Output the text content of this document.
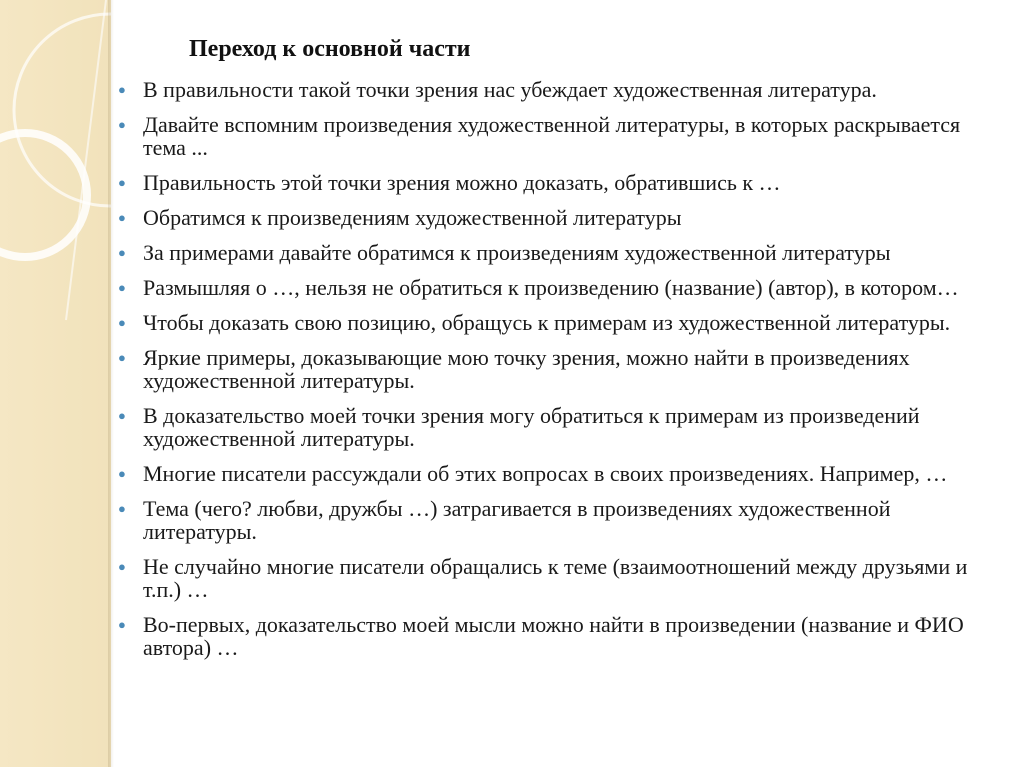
Переход к основной части
● В правильности такой точки зрения нас убеждает художественная литература.
● Давайте вспомним произведения художественной литературы, в которых раскрывается тема ...
● Правильность этой точки зрения можно доказать, обратившись к …
● Обратимся к произведениям художественной литературы
● За примерами давайте обратимся к произведениям художественной литературы
● Размышляя о …, нельзя не обратиться к произведению (название) (автор), в котором…
● Чтобы доказать свою позицию, обращусь к примерам из художественной литературы.
● Яркие примеры, доказывающие мою точку зрения, можно найти в произведениях художественной литературы.
● В доказательство моей точки зрения могу обратиться к примерам из произведений художественной литературы.
● Многие писатели рассуждали об этих вопросах в своих произведениях. Например, …
● Тема (чего? любви, дружбы …) затрагивается в произведениях художественной литературы.
● Не случайно многие писатели обращались к теме (взаимоотношений между друзьями и т.п.) …
● Во-первых, доказательство моей мысли можно найти в произведении (название и ФИО автора) …
